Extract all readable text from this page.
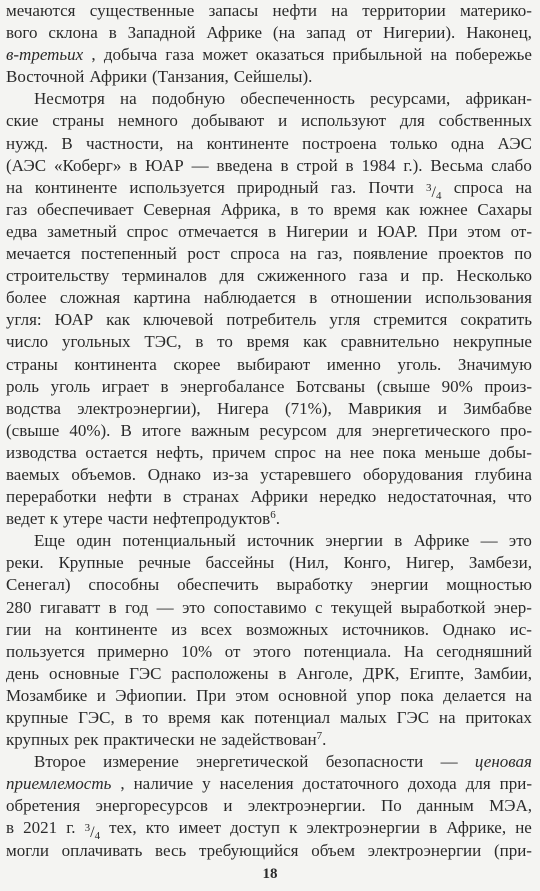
мечаются существенные запасы нефти на территории материко-
вого склона в Западной Африке (на запад от Нигерии). Наконец,
в-третьих , добыча газа может оказаться прибыльной на побережье
Восточной Африки (Танзания, Сейшелы).
Несмотря на подобную обеспеченность ресурсами, африкан-
ские страны немного добывают и используют для собственных
нужд. В частности, на континенте построена только одна АЭС
(АЭС «Коберг» в ЮАР — введена в строй в 1984 г.). Весьма слабо
на континенте используется природный газ. Почти 3/4 спроса на
газ обеспечивает Северная Африка, в то время как южнее Сахары
едва заметный спрос отмечается в Нигерии и ЮАР. При этом от-
мечается постепенный рост спроса на газ, появление проектов по
строительству терминалов для сжиженного газа и пр. Несколько
более сложная картина наблюдается в отношении использования
угля: ЮАР как ключевой потребитель угля стремится сократить
число угольных ТЭС, в то время как сравнительно некрупные
страны континента скорее выбирают именно уголь. Значимую
роль уголь играет в энергобалансе Ботсваны (свыше 90% произ-
водства электроэнергии), Нигера (71%), Маврикия и Зимбабве
(свыше 40%). В итоге важным ресурсом для энергетического про-
изводства остается нефть, причем спрос на нее пока меньше добы-
ваемых объемов. Однако из-за устаревшего оборудования глубина
переработки нефти в странах Африки нередко недостаточная, что
ведет к утере части нефтепродуктов$^6$.
Еще один потенциальный источник энергии в Африке — это
реки. Крупные речные бассейны (Нил, Конго, Нигер, Замбези,
Сенегал) способны обеспечить выработку энергии мощностью
280 гигаватт в год — это сопоставимо с текущей выработкой энер-
гии на континенте из всех возможных источников. Однако ис-
пользуется примерно 10% от этого потенциала. На сегодняшний
день основные ГЭС расположены в Анголе, ДРК, Египте, Замбии,
Мозамбике и Эфиопии. При этом основной упор пока делается на
крупные ГЭС, в то время как потенциал малых ГЭС на притоках
крупных рек практически не задействован$^7$.
Второе измерение энергетической безопасности — ценовая
приемлемость , наличие у населения достаточного дохода для при-
обретения энергоресурсов и электроэнергии. По данным МЭА,
в 2021 г. 3/4 тех, кто имеет доступ к электроэнергии в Африке, не
могли оплачивать весь требующийся объем электроэнергии (при-
18
